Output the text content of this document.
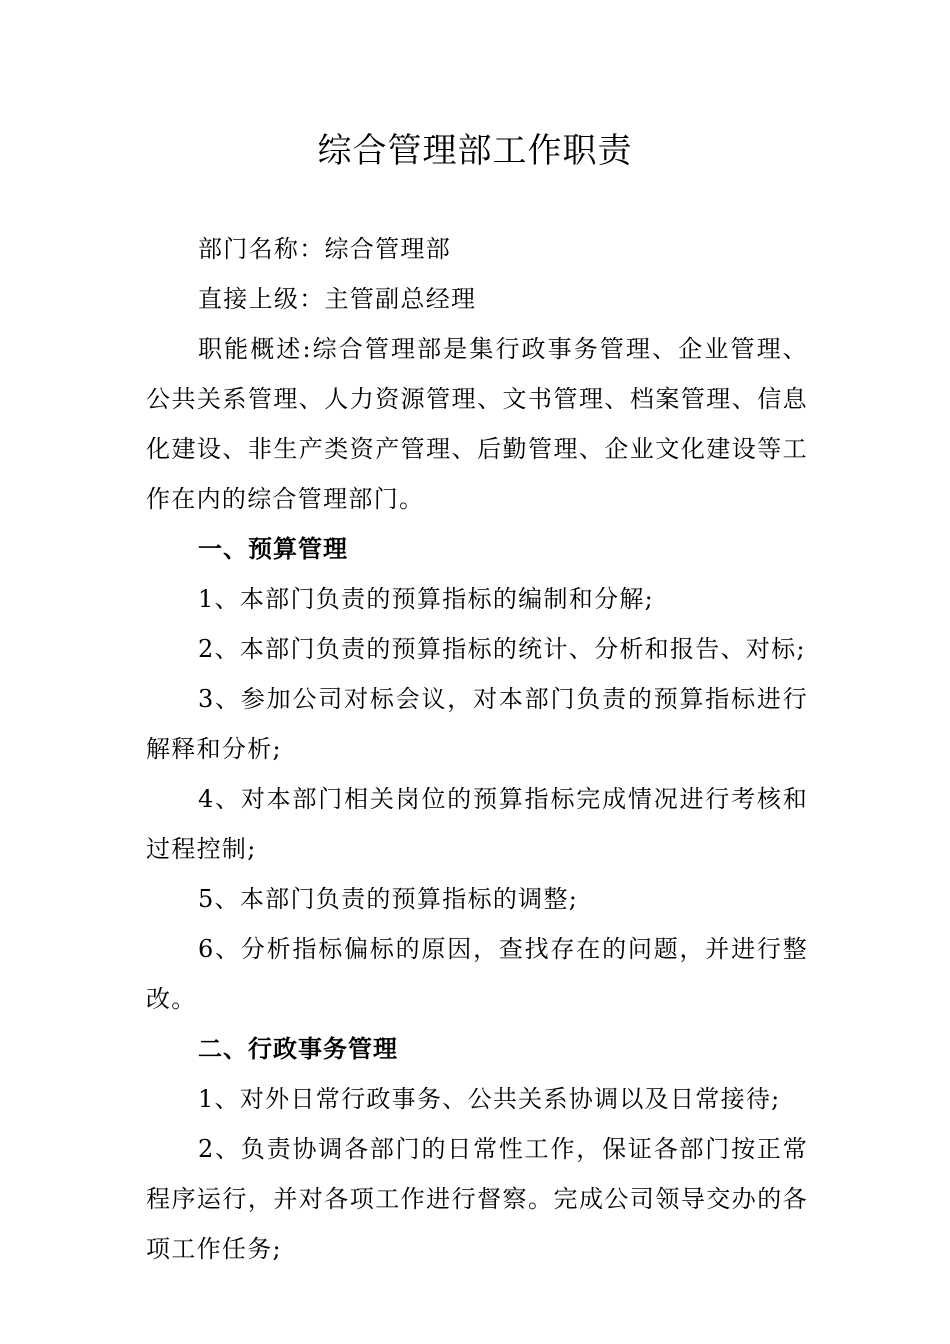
综合管理部工作职责

部门名称：综合管理部

直接上级：主管副总经理

职能概述:综合管理部是集行政事务管理、企业管理、公共关系管理、人力资源管理、文书管理、档案管理、信息化建设、非生产类资产管理、后勤管理、企业文化建设等工作在内的综合管理部门。

一、预算管理

1、本部门负责的预算指标的编制和分解;

2、本部门负责的预算指标的统计、分析和报告、对标;

3、参加公司对标会议，对本部门负责的预算指标进行解释和分析;

4、对本部门相关岗位的预算指标完成情况进行考核和过程控制;

5、本部门负责的预算指标的调整;

6、分析指标偏标的原因，查找存在的问题，并进行整改。

二、行政事务管理

1、对外日常行政事务、公共关系协调以及日常接待;

2、负责协调各部门的日常性工作，保证各部门按正常程序运行，并对各项工作进行督察。完成公司领导交办的各项工作任务;
